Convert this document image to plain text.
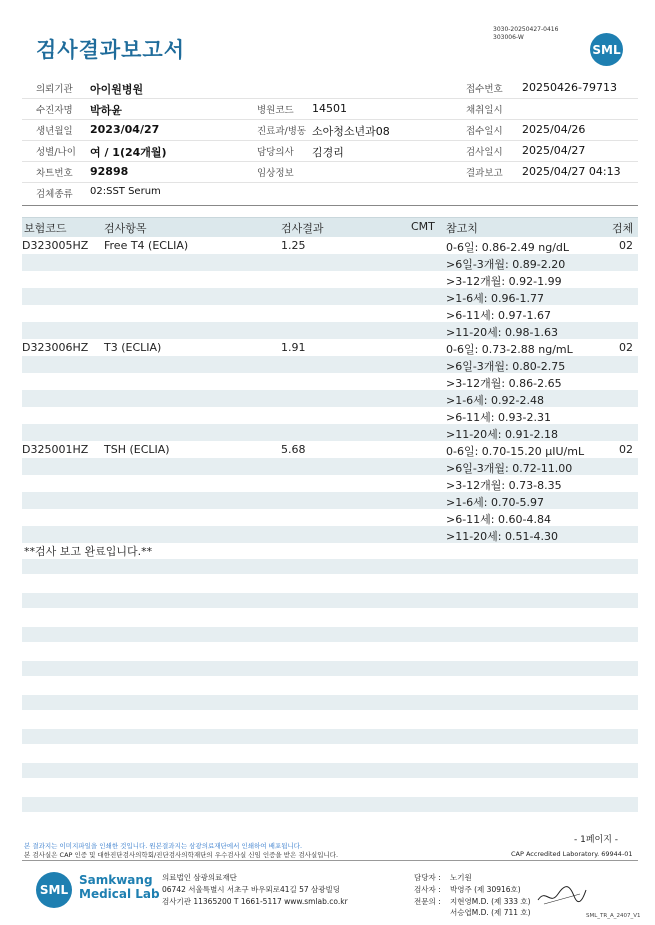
검사결과보고서
3030-20250427-0416
303006-W
SML
의뢰기관 아이원병원	접수번호 20250426-79713
수진자명 박하윤	병원코드 14501	채취일시
생년월일 2023/04/27	진료과/병동 소아청소년과08	접수일시 2025/04/26
성별/나이 여 / 1(24개월)	담당의사 김경리	검사일시 2025/04/27
차트번호 92898	임상정보	결과보고 2025/04/27 04:13
검체종류 02:SST Serum
보험코드	검사항목	검사결과	CMT 참고치	검체
D323005HZ Free T4 (ECLIA)	1.25	0-6일: 0.86-2.49 ng/dL	02
>6일-3개월: 0.89-2.20
>3-12개월: 0.92-1.99
>1-6세: 0.96-1.77
>6-11세: 0.97-1.67
>11-20세: 0.98-1.63
D323006HZ T3 (ECLIA)	1.91	0-6일: 0.73-2.88 ng/mL	02
>6일-3개월: 0.80-2.75
>3-12개월: 0.86-2.65
>1-6세: 0.92-2.48
>6-11세: 0.93-2.31
>11-20세: 0.91-2.18
D325001HZ TSH (ECLIA)	5.68	0-6일: 0.70-15.20 μIU/mL	02
>6일-3개월: 0.72-11.00
>3-12개월: 0.73-8.35
>1-6세: 0.70-5.97
>6-11세: 0.60-4.84
>11-20세: 0.51-4.30
**검사 보고 완료입니다.**
- 1페이지 -
본 결과지는 이미지파일을 인쇄한 것입니다. 원본결과지는 삼광의료재단에서 인쇄하여 배포됩니다.
본 검사실은 CAP 인증 및 대한진단검사의학회/진단검사의학재단의 우수검사실 신임 인증을 받은 검사실입니다.	CAP Accredited Laboratory. 69944-01
SML
Samkwang
Medical Lab
의료법인 삼광의료재단
06742 서울특별시 서초구 바우뫼로41길 57 삼광빌딩
검사기관 11365200 T 1661-5117 www.smlab.co.kr
담당자 : 노기원
검사자 : 박영주 (제 30916호)
전문의 : 지현영M.D. (제 333 호)
서승엽M.D. (제 711 호)	SML_TR_A_2407_V1
